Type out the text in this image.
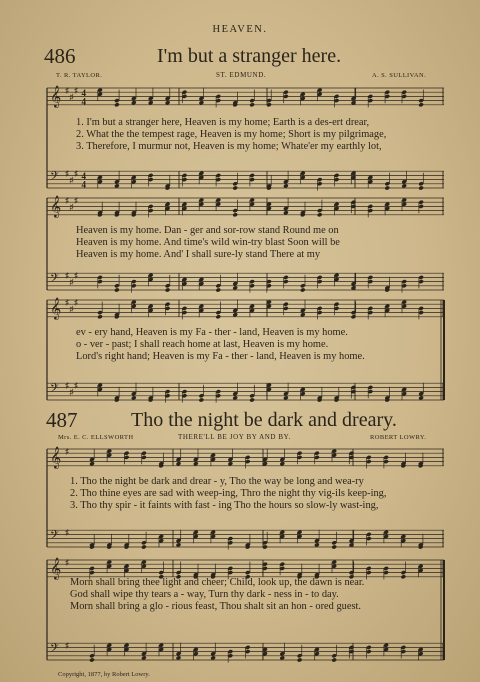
HEAVEN.
486	I'm but a stranger here.
T. R. TAYLOR.	ST. EDMUND.	A. S. SULLIVAN.
𝄞 ♯
♯
♯ 4
4
𝄢 ♯
♯
♯ 4
4
1. I'm but a stranger here, Heaven is my home; Earth is a des-ert drear,
2. What the the tempest rage, Heaven is my home; Short is my pilgrimage,
3. Therefore, I murmur not, Heaven is my home; Whate'er my earthly lot,
𝄞 ♯
♯
♯
𝄢 ♯
♯
♯
Heaven is my home. Dan - ger and sor-row stand Round me on
Heaven is my home. And time's wild win-try blast Soon will be
Heaven is my home. And' I shall sure-ly stand There at my
𝄞 ♯
♯
♯
𝄢 ♯
♯
♯
ev - ery hand, Heaven is my Fa - ther - land, Heaven is my home.
o - ver - past; I shall reach home at last, Heaven is my home.
Lord's right hand; Heaven is my Fa - ther - land, Heaven is my home.
487	Tho the night be dark and dreary.
Mrs. E. C. ELLSWORTH	THERE'LL BE JOY BY AND BY.	ROBERT LOWRY.
𝄞 ♯
𝄢 ♯
1. Tho the night be dark and drear - y, Tho the way be long and wea-ry
2. Tho thine eyes are sad with weep-ing, Thro the night thy vig-ils keep-ing,
3. Tho thy spir - it faints with fast - ing Tho the hours so slow-ly wast-ing,
𝄞 ♯
𝄢 ♯
Morn shall bring thee light and cheer; Child, look up, the dawn is near.
God shall wipe thy tears a - way, Turn thy dark - ness in - to day.
Morn shall bring a glo - rious feast, Thou shalt sit an hon - ored guest.
Copyright, 1877, by Robert Lowry.
